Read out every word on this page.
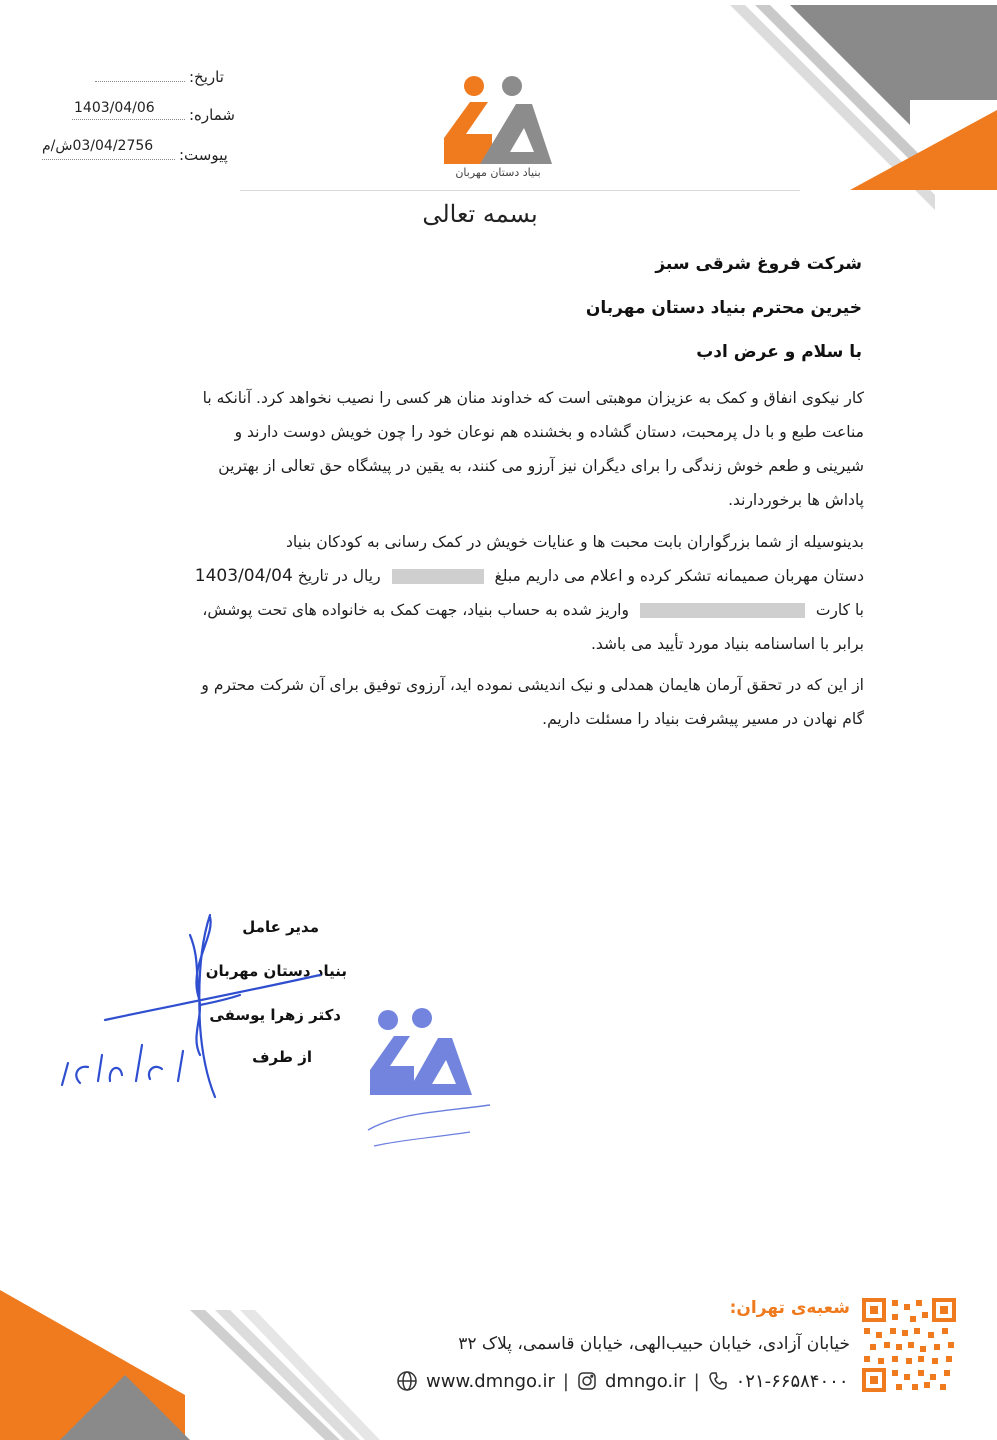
تاریخ:
شماره:
1403/04/06
پیوست:
03/04/2756ش/م
بنیاد دستان مهربان
بسمه تعالی
شرکت فروغ شرقی سبز
خیرین محترم بنیاد دستان مهربان
با سلام و عرض ادب
کار نیکوی انفاق و کمک به عزیزان موهبتی است که خداوند منان هر کسی را نصیب نخواهد کرد. آنانکه با
مناعت طبع و با دل پرمحبت، دستان گشاده و بخشنده هم نوعان خود را چون خویش دوست دارند و
شیرینی و طعم خوش زندگی را برای دیگران نیز آرزو می کنند، به یقین در پیشگاه حق تعالی از بهترین
پاداش ها برخوردارند.
بدینوسیله از شما بزرگواران بابت محبت ها و عنایات خویش در کمک رسانی به کودکان بنیاد
دستان مهربان صمیمانه تشکر کرده و اعلام می داریم مبلغ  ریال در تاریخ 1403/04/04
با کارت  واریز شده به حساب بنیاد، جهت کمک به خانواده های تحت پوشش،
برابر با اساسنامه بنیاد مورد تأیید می باشد.
از این که در تحقق آرمان هایمان همدلی و نیک اندیشی نموده اید، آرزوی توفیق برای آن شرکت محترم و
گام نهادن در مسیر پیشرفت بنیاد را مسئلت داریم.
مدیر عامل
بنیاد دستان مهربان
دکتر زهرا یوسفی
از طرف
شعبه‌ی تهران:
خیابان آزادی، خیابان حبیب‌الهی، خیابان قاسمی، پلاک ۳۲
www.dmngo.ir | dmngo.ir | ۰۲۱-۶۶۵۸۴۰۰۰
